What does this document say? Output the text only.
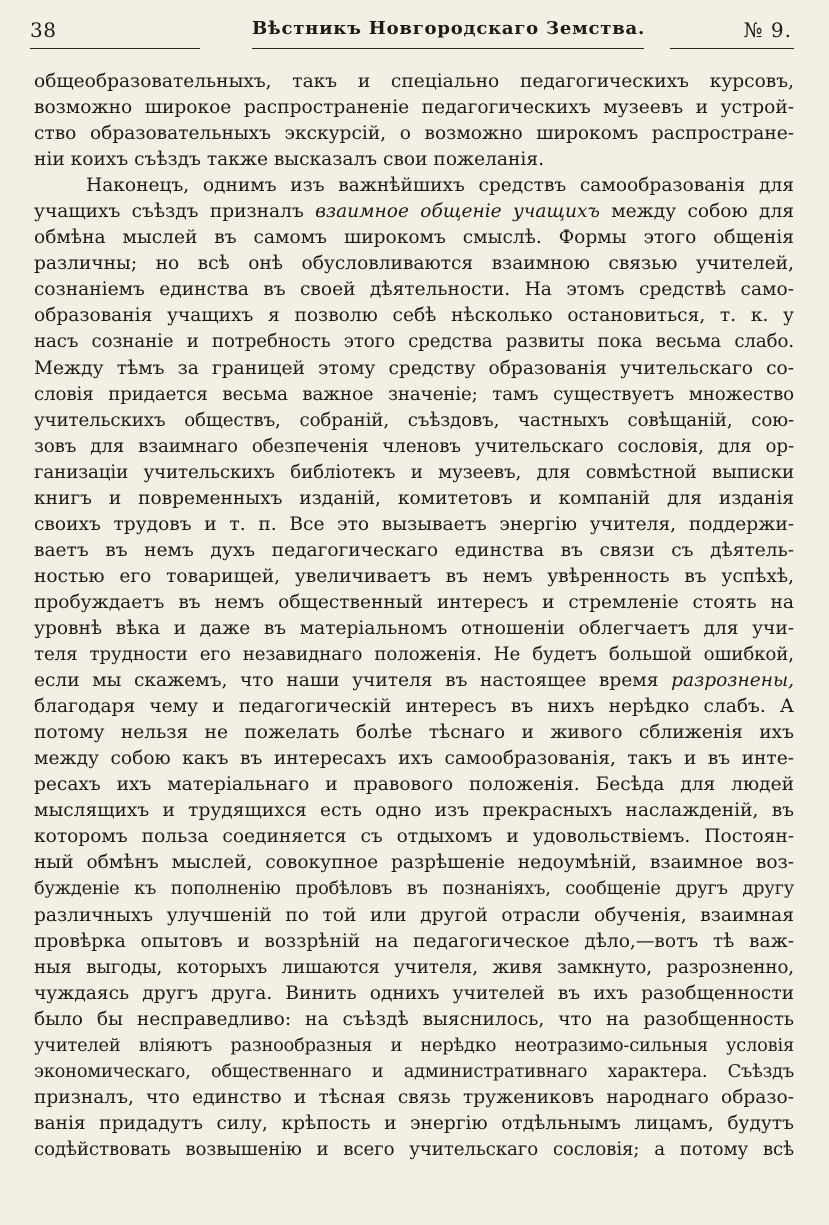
38	Вѣстникъ Новгородскаго Земства.	№ 9.
общеобразовательныхъ, такъ и спеціально педагогическихъ курсовъ,
возможно широкое распространеніе педагогическихъ музеевъ и устрой-
ство образовательныхъ экскурсій, о возможно широкомъ распростране-
ніи коихъ съѣздъ также высказалъ свои пожеланія.
Наконецъ, однимъ изъ важнѣйшихъ средствъ самообразованія для
учащихъ съѣздъ призналъ взаимное общеніе учащихъ между собою для
обмѣна мыслей въ самомъ широкомъ смыслѣ. Формы этого общенія
различны; но всѣ онѣ обусловливаются взаимною связью учителей,
сознаніемъ единства въ своей дѣятельности. На этомъ средствѣ само-
образованія учащихъ я позволю себѣ нѣсколько остановиться, т. к. у
насъ сознаніе и потребность этого средства развиты пока весьма слабо.
Между тѣмъ за границей этому средству образованія учительскаго со-
словія придается весьма важное значеніе; тамъ существуетъ множество
учительскихъ обществъ, собраній, съѣздовъ, частныхъ совѣщаній, сою-
зовъ для взаимнаго обезпеченія членовъ учительскаго сословія, для ор-
ганизаціи учительскихъ библіотекъ и музеевъ, для совмѣстной выписки
книгъ и повременныхъ изданій, комитетовъ и компаній для изданія
своихъ трудовъ и т. п. Все это вызываетъ энергію учителя, поддержи-
ваетъ въ немъ духъ педагогическаго единства въ связи съ дѣятель-
ностью его товарищей, увеличиваетъ въ немъ увѣренность въ успѣхѣ,
пробуждаетъ въ немъ общественный интересъ и стремленіе стоять на
уровнѣ вѣка и даже въ матеріальномъ отношеніи облегчаетъ для учи-
теля трудности его незавиднаго положенія. Не будетъ большой ошибкой,
если мы скажемъ, что наши учителя въ настоящее время разрознены,
благодаря чему и педагогическій интересъ въ нихъ нерѣдко слабъ. А
потому нельзя не пожелать болѣе тѣснаго и живого сближенія ихъ
между собою какъ въ интересахъ ихъ самообразованія, такъ и въ инте-
ресахъ ихъ матеріальнаго и правового положенія. Бесѣда для людей
мыслящихъ и трудящихся есть одно изъ прекрасныхъ наслажденій, въ
которомъ польза соединяется съ отдыхомъ и удовольствіемъ. Постоян-
ный обмѣнъ мыслей, совокупное разрѣшеніе недоумѣній, взаимное воз-
бужденіе къ пополненію пробѣловъ въ познаніяхъ, сообщеніе другъ другу
различныхъ улучшеній по той или другой отрасли обученія, взаимная
провѣрка опытовъ и воззрѣній на педагогическое дѣло,—вотъ тѣ важ-
ныя выгоды, которыхъ лишаются учителя, живя замкнуто, разрозненно,
чуждаясь другъ друга. Винить однихъ учителей въ ихъ разобщенности
было бы несправедливо: на съѣздѣ выяснилось, что на разобщенность
учителей вліяютъ разнообразныя и нерѣдко неотразимо-сильныя условія
экономическаго, общественнаго и административнаго характера. Съѣздъ
призналъ, что единство и тѣсная связь тружениковъ народнаго образо-
ванія придадутъ силу, крѣпость и энергію отдѣльнымъ лицамъ, будутъ
содѣйствовать возвышенію и всего учительскаго сословія; а потому всѣ
